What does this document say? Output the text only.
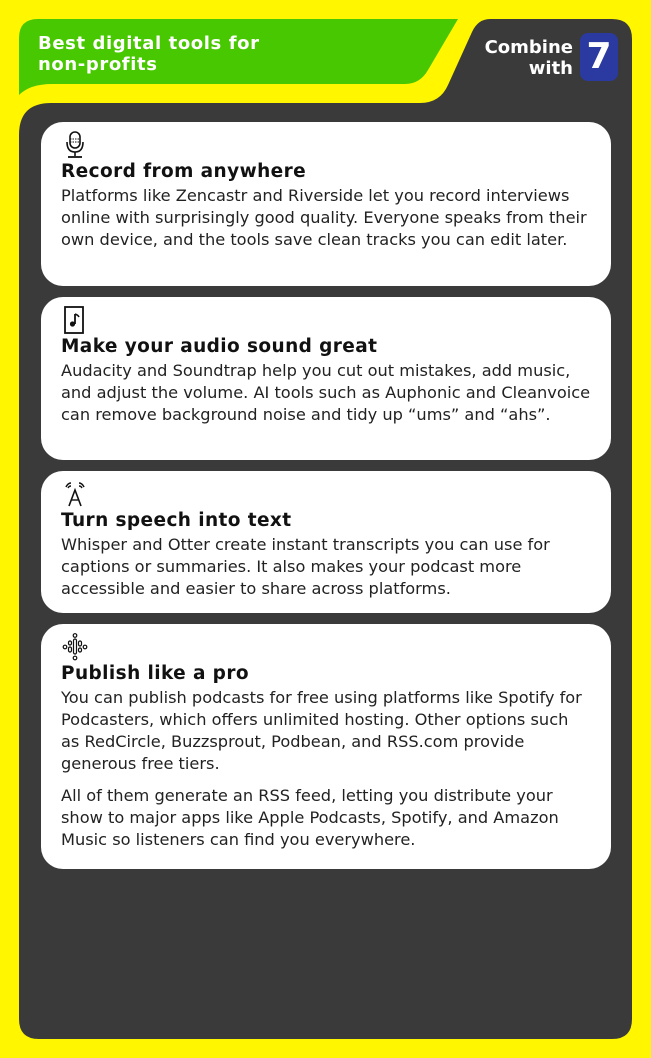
Best digital tools for
non-profits
Combine
with 7
Record from anywhere

Platforms like Zencastr and Riverside let you record interviews online with surprisingly good quality. Everyone speaks from their own device, and the tools save clean tracks you can edit later.

Make your audio sound great

Audacity and Soundtrap help you cut out mistakes, add music, and adjust the volume. AI tools such as Auphonic and Cleanvoice can remove background noise and tidy up “ums” and “ahs”.

Turn speech into text

Whisper and Otter create instant transcripts you can use for captions or summaries. It also makes your podcast more accessible and easier to share across platforms.

Publish like a pro

You can publish podcasts for free using platforms like Spotify for Podcasters, which offers unlimited hosting. Other options such as RedCircle, Buzzsprout, Podbean, and RSS.com provide generous free tiers.

All of them generate an RSS feed, letting you distribute your show to major apps like Apple Podcasts, Spotify, and Amazon Music so listeners can find you everywhere.
